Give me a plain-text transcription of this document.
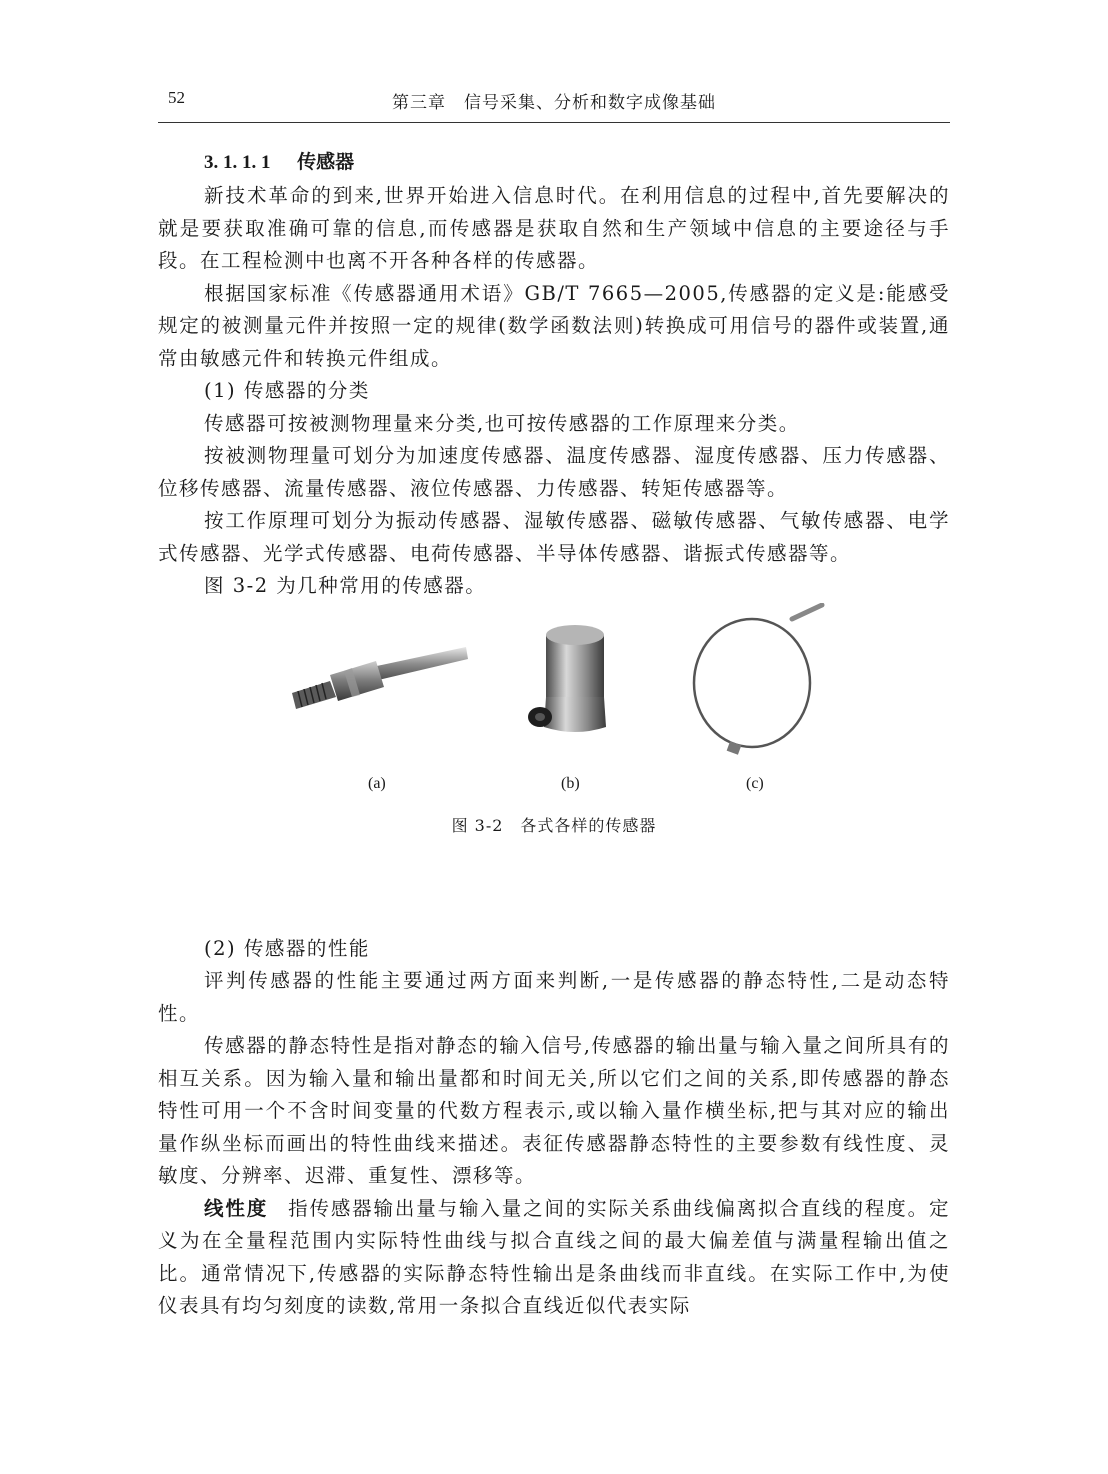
52	第三章　信号采集、分析和数字成像基础
3. 1. 1. 1 传感器

新技术革命的到来,世界开始进入信息时代。在利用信息的过程中,首先要解决的就是要获取准确可靠的信息,而传感器是获取自然和生产领域中信息的主要途径与手段。在工程检测中也离不开各种各样的传感器。

根据国家标准《传感器通用术语》GB/T 7665—2005,传感器的定义是:能感受规定的被测量元件并按照一定的规律(数学函数法则)转换成可用信号的器件或装置,通常由敏感元件和转换元件组成。

(1) 传感器的分类

传感器可按被测物理量来分类,也可按传感器的工作原理来分类。

按被测物理量可划分为加速度传感器、温度传感器、湿度传感器、压力传感器、位移传感器、流量传感器、液位传感器、力传感器、转矩传感器等。

按工作原理可划分为振动传感器、湿敏传感器、磁敏传感器、气敏传感器、电学式传感器、光学式传感器、电荷传感器、半导体传感器、谐振式传感器等。

图 3-2 为几种常用的传感器。

(a)	(b)	(c)
图 3-2　各式各样的传感器

(2) 传感器的性能

评判传感器的性能主要通过两方面来判断,一是传感器的静态特性,二是动态特性。

传感器的静态特性是指对静态的输入信号,传感器的输出量与输入量之间所具有的相互关系。因为输入量和输出量都和时间无关,所以它们之间的关系,即传感器的静态特性可用一个不含时间变量的代数方程表示,或以输入量作横坐标,把与其对应的输出量作纵坐标而画出的特性曲线来描述。表征传感器静态特性的主要参数有线性度、灵敏度、分辨率、迟滞、重复性、漂移等。

线性度 指传感器输出量与输入量之间的实际关系曲线偏离拟合直线的程度。定义为在全量程范围内实际特性曲线与拟合直线之间的最大偏差值与满量程输出值之比。通常情况下,传感器的实际静态特性输出是条曲线而非直线。在实际工作中,为使仪表具有均匀刻度的读数,常用一条拟合直线近似代表实际
